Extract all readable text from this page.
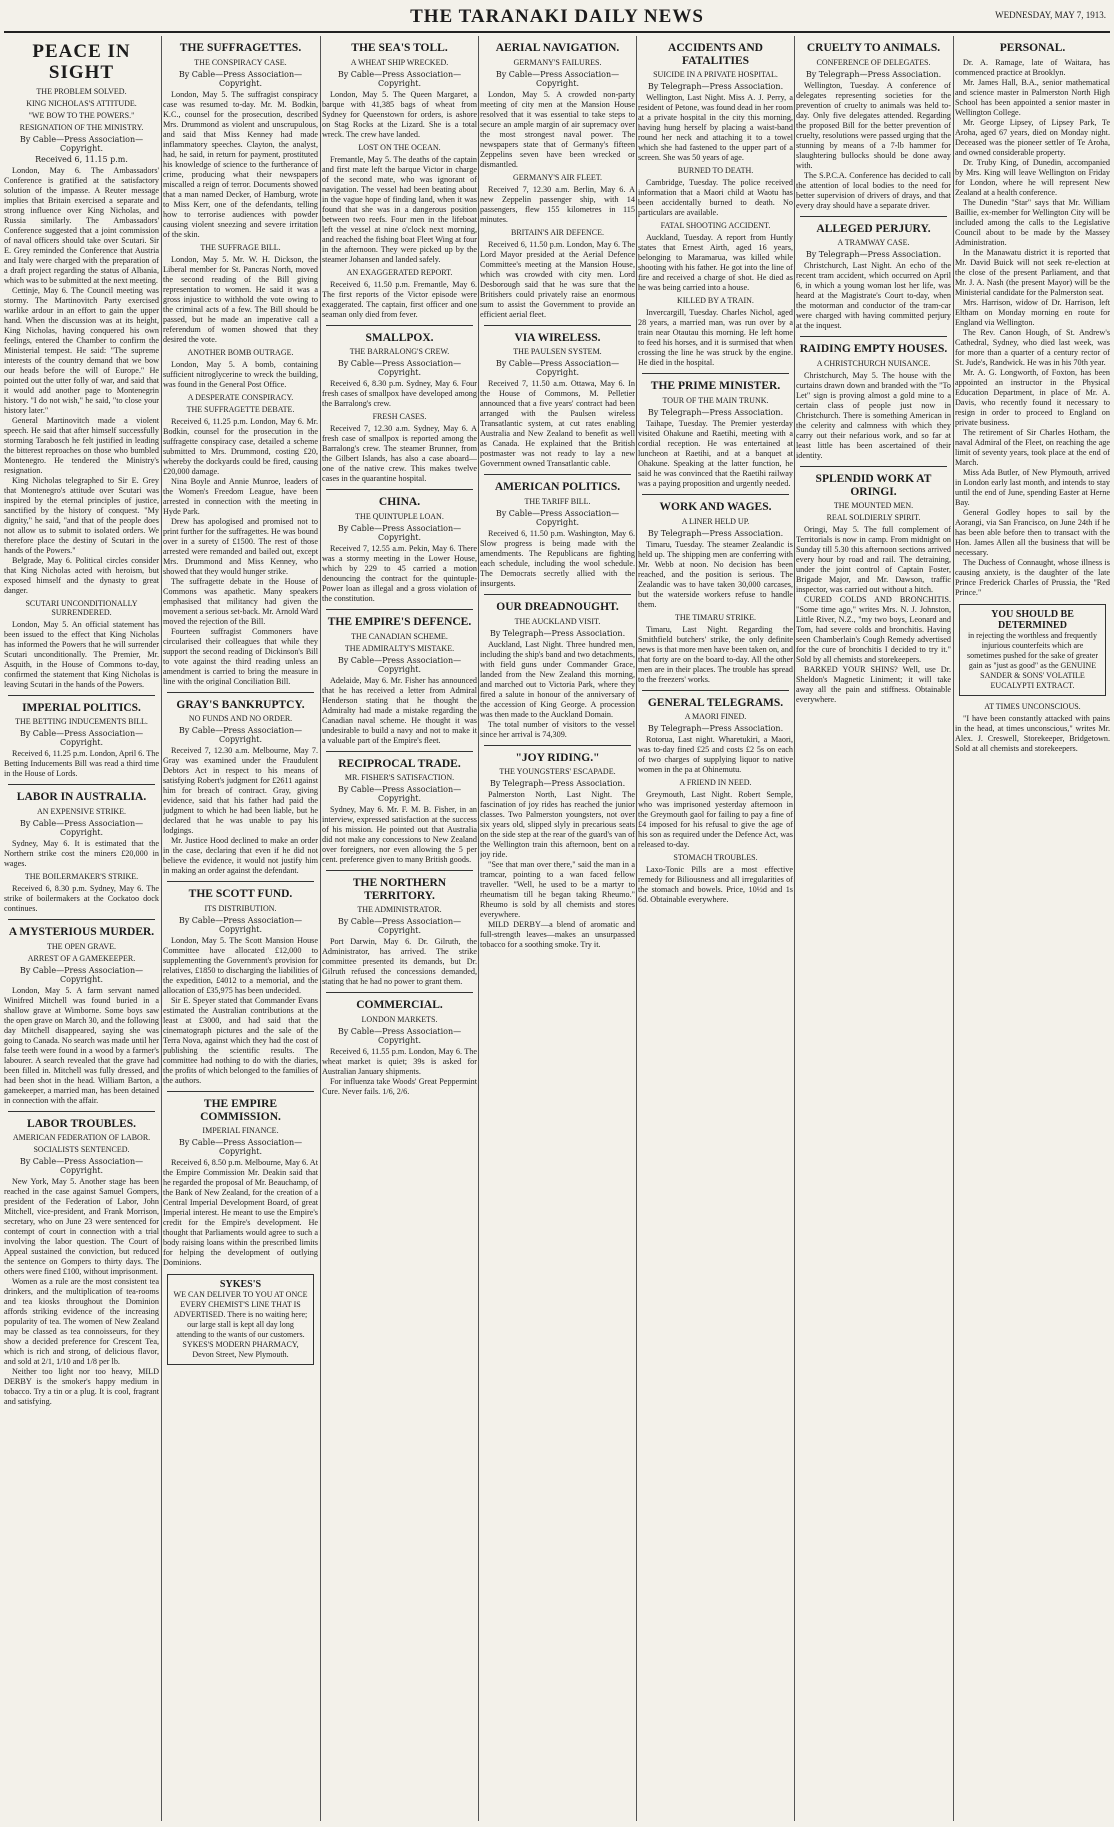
THE TARANAKI DAILY NEWS	WEDNESDAY, MAY 7, 1913.
PEACE IN SIGHT
THE PROBLEM SOLVED.
KING NICHOLAS'S ATTITUDE.
"WE BOW TO THE POWERS."
RESIGNATION OF THE MINISTRY.
By Cable—Press Association—Copyright.
Received 6, 11.15 p.m.

London, May 6. The Ambassadors' Conference is gratified at the satisfactory solution of the impasse. A Reuter message implies that Britain exercised a separate and strong influence over King Nicholas, and Russia similarly. The Ambassadors' Conference suggested that a joint commission of naval officers should take over Scutari. Sir E. Grey reminded the Conference that Austria and Italy were charged with the preparation of a draft project regarding the status of Albania, which was to be submitted at the next meeting.

Cettinje, May 6. The Council meeting was stormy. The Martinovitch Party exercised warlike ardour in an effort to gain the upper hand. When the discussion was at its height, King Nicholas, having conquered his own feelings, entered the Chamber to confirm the Ministerial tempest. He said: "The supreme interests of the country demand that we bow our heads before the will of Europe." He pointed out the utter folly of war, and said that it would add another page to Montenegrin history. "I do not wish," he said, "to close your history later."

General Martinovitch made a violent speech. He said that after himself successfully storming Tarabosch he felt justified in leading the bitterest reproaches on those who bumbled Montenegro. He tendered the Ministry's resignation.

King Nicholas telegraphed to Sir E. Grey that Montenegro's attitude over Scutari was inspired by the eternal principles of justice, sanctified by the history of conquest. "My dignity," he said, "and that of the people does not allow us to submit to isolated orders. We therefore place the destiny of Scutari in the hands of the Powers."

Belgrade, May 6. Political circles consider that King Nicholas acted with heroism, but exposed himself and the dynasty to great danger.

SCUTARI UNCONDITIONALLY SURRENDERED.

London, May 5. An official statement has been issued to the effect that King Nicholas has informed the Powers that he will surrender Scutari unconditionally. The Premier, Mr. Asquith, in the House of Commons to-day, confirmed the statement that King Nicholas is leaving Scutari in the hands of the Powers.

IMPERIAL POLITICS.
THE BETTING INDUCEMENTS BILL.
By Cable—Press Association—Copyright.

Received 6, 11.25 p.m. London, April 6. The Betting Inducements Bill was read a third time in the House of Lords.

LABOR IN AUSTRALIA.
AN EXPENSIVE STRIKE.
By Cable—Press Association—Copyright.

Sydney, May 6. It is estimated that the Northern strike cost the miners £20,000 in wages.

THE BOILERMAKER'S STRIKE.

Received 6, 8.30 p.m. Sydney, May 6. The strike of boilermakers at the Cockatoo dock continues.

A MYSTERIOUS MURDER.
THE OPEN GRAVE.
ARREST OF A GAMEKEEPER.
By Cable—Press Association—Copyright.

London, May 5. A farm servant named Winifred Mitchell was found buried in a shallow grave at Wimborne. Some boys saw the open grave on March 30, and the following day Mitchell disappeared, saying she was going to Canada. No search was made until her false teeth were found in a wood by a farmer's labourer. A search revealed that the grave had been filled in. Mitchell was fully dressed, and had been shot in the head. William Barton, a gamekeeper, a married man, has been detained in connection with the affair.

LABOR TROUBLES.
AMERICAN FEDERATION OF LABOR.
SOCIALISTS SENTENCED.
By Cable—Press Association—Copyright.

New York, May 5. Another stage has been reached in the case against Samuel Gompers, president of the Federation of Labor, John Mitchell, vice-president, and Frank Morrison, secretary, who on June 23 were sentenced for contempt of court in connection with a trial involving the labor question. The Court of Appeal sustained the conviction, but reduced the sentence on Gompers to thirty days. The others were fined £100, without imprisonment.

Women as a rule are the most consistent tea drinkers, and the multiplication of tea-rooms and tea kiosks throughout the Dominion affords striking evidence of the increasing popularity of tea. The women of New Zealand may be classed as tea connoisseurs, for they show a decided preference for Crescent Tea, which is rich and strong, of delicious flavor, and sold at 2/1, 1/10 and 1/8 per lb.

Neither too light nor too heavy, MILD DERBY is the smoker's happy medium in tobacco. Try a tin or a plug. It is cool, fragrant and satisfying.

THE SUFFRAGETTES.
THE CONSPIRACY CASE.
By Cable—Press Association—Copyright.

London, May 5. The suffragist conspiracy case was resumed to-day. Mr. M. Bodkin, K.C., counsel for the prosecution, described Mrs. Drummond as violent and unscrupulous, and said that Miss Kenney had made inflammatory speeches. Clayton, the analyst, had, he said, in return for payment, prostituted his knowledge of science to the furtherance of crime, producing what their newspapers miscalled a reign of terror. Documents showed that a man named Decker, of Hamburg, wrote to Miss Kerr, one of the defendants, telling how to terrorise audiences with powder causing violent sneezing and severe irritation of the skin.

THE SUFFRAGE BILL.

London, May 5. Mr. W. H. Dickson, the Liberal member for St. Pancras North, moved the second reading of the Bill giving representation to women. He said it was a gross injustice to withhold the vote owing to the criminal acts of a few. The Bill should be passed, but he made an imperative call a referendum of women showed that they desired the vote.

ANOTHER BOMB OUTRAGE.

London, May 5. A bomb, containing sufficient nitroglycerine to wreck the building, was found in the General Post Office.

A DESPERATE CONSPIRACY.
THE SUFFRAGETTE DEBATE.

Received 6, 11.25 p.m. London, May 6. Mr. Bodkin, counsel for the prosecution in the suffragette conspiracy case, detailed a scheme submitted to Mrs. Drummond, costing £20, whereby the dockyards could be fired, causing £20,000 damage.

Nina Boyle and Annie Munroe, leaders of the Women's Freedom League, have been arrested in connection with the meeting in Hyde Park.

Drew has apologised and promised not to print further for the suffragettes. He was bound over in a surety of £1500. The rest of those arrested were remanded and bailed out, except Mrs. Drummond and Miss Kenney, who showed that they would hunger strike.

The suffragette debate in the House of Commons was apathetic. Many speakers emphasised that militancy had given the movement a serious set-back. Mr. Arnold Ward moved the rejection of the Bill.

Fourteen suffragist Commoners have circularised their colleagues that while they support the second reading of Dickinson's Bill to vote against the third reading unless an amendment is carried to bring the measure in line with the original Conciliation Bill.

GRAY'S BANKRUPTCY.
NO FUNDS AND NO ORDER.
By Cable—Press Association—Copyright.

Received 7, 12.30 a.m. Melbourne, May 7. Gray was examined under the Fraudulent Debtors Act in respect to his means of satisfying Robert's judgment for £2611 against him for breach of contract. Gray, giving evidence, said that his father had paid the judgment to which he had been liable, but he declared that he was unable to pay his lodgings.

Mr. Justice Hood declined to make an order in the case, declaring that even if he did not believe the evidence, it would not justify him in making an order against the defendant.

THE SCOTT FUND.
ITS DISTRIBUTION.
By Cable—Press Association—Copyright.

London, May 5. The Scott Mansion House Committee have allocated £12,000 to supplementing the Government's provision for relatives, £1850 to discharging the liabilities of the expedition, £4012 to a memorial, and the allocation of £35,975 has been undecided.

Sir E. Speyer stated that Commander Evans estimated the Australian contributions at the least at £3000, and had said that the cinematograph pictures and the sale of the Terra Nova, against which they had the cost of publishing the scientific results. The committee had nothing to do with the diaries, the profits of which belonged to the families of the authors.

THE EMPIRE COMMISSION.
IMPERIAL FINANCE.
By Cable—Press Association—Copyright.

Received 6, 8.50 p.m. Melbourne, May 6. At the Empire Commission Mr. Deakin said that he regarded the proposal of Mr. Beauchamp, of the Bank of New Zealand, for the creation of a Central Imperial Development Board, of great Imperial interest. He meant to use the Empire's credit for the Empire's development. He thought that Parliaments would agree to such a body raising loans within the prescribed limits for helping the development of outlying Dominions.

SYKES'S
WE CAN DELIVER TO YOU AT ONCE EVERY CHEMIST'S LINE THAT IS ADVERTISED. There is no waiting here; our large stall is kept all day long attending to the wants of our customers. SYKES'S MODERN PHARMACY, Devon Street, New Plymouth.
THE SEA'S TOLL.
A WHEAT SHIP WRECKED.
By Cable—Press Association—Copyright.

London, May 5. The Queen Margaret, a barque with 41,385 bags of wheat from Sydney for Queenstown for orders, is ashore on Stag Rocks at the Lizard. She is a total wreck. The crew have landed.

LOST ON THE OCEAN.

Fremantle, May 5. The deaths of the captain and first mate left the barque Victor in charge of the second mate, who was ignorant of navigation. The vessel had been beating about in the vague hope of finding land, when it was found that she was in a dangerous position between two reefs. Four men in the lifeboat left the vessel at nine o'clock next morning, and reached the fishing boat Fleet Wing at four in the afternoon. They were picked up by the steamer Johansen and landed safely.

AN EXAGGERATED REPORT.

Received 6, 11.50 p.m. Fremantle, May 6. The first reports of the Victor episode were exaggerated. The captain, first officer and one seaman only died from fever.

SMALLPOX.
THE BARRALONG'S CREW.
By Cable—Press Association—Copyright.

Received 6, 8.30 p.m. Sydney, May 6. Four fresh cases of smallpox have developed among the Barralong's crew.

FRESH CASES.

Received 7, 12.30 a.m. Sydney, May 6. A fresh case of smallpox is reported among the Barralong's crew. The steamer Brunner, from the Gilbert Islands, has also a case aboard—one of the native crew. This makes twelve cases in the quarantine hospital.

CHINA.
THE QUINTUPLE LOAN.
By Cable—Press Association—Copyright.

Received 7, 12.55 a.m. Pekin, May 6. There was a stormy meeting in the Lower House, which by 229 to 45 carried a motion denouncing the contract for the quintuple-Power loan as illegal and a gross violation of the constitution.

THE EMPIRE'S DEFENCE.
THE CANADIAN SCHEME.
THE ADMIRALTY'S MISTAKE.
By Cable—Press Association—Copyright.

Adelaide, May 6. Mr. Fisher has announced that he has received a letter from Admiral Henderson stating that he thought the Admiralty had made a mistake regarding the Canadian naval scheme. He thought it was undesirable to build a navy and not to make it a valuable part of the Empire's fleet.

RECIPROCAL TRADE.
MR. FISHER'S SATISFACTION.
By Cable—Press Association—Copyright.

Sydney, May 6. Mr. F. M. B. Fisher, in an interview, expressed satisfaction at the success of his mission. He pointed out that Australia did not make any concessions to New Zealand over foreigners, nor even allowing the 5 per cent. preference given to many British goods.

THE NORTHERN TERRITORY.
THE ADMINISTRATOR.
By Cable—Press Association—Copyright.

Port Darwin, May 6. Dr. Gilruth, the Administrator, has arrived. The strike committee presented its demands, but Dr. Gilruth refused the concessions demanded, stating that he had no power to grant them.

COMMERCIAL.
LONDON MARKETS.
By Cable—Press Association—Copyright.

Received 6, 11.55 p.m. London, May 6. The wheat market is quiet; 39s is asked for Australian January shipments.

For influenza take Woods' Great Peppermint Cure. Never fails. 1/6, 2/6.

AERIAL NAVIGATION.
GERMANY'S FAILURES.
By Cable—Press Association—Copyright.

London, May 5. A crowded non-party meeting of city men at the Mansion House resolved that it was essential to take steps to secure an ample margin of air supremacy over the most strongest naval power. The newspapers state that of Germany's fifteen Zeppelins seven have been wrecked or dismantled.

GERMANY'S AIR FLEET.

Received 7, 12.30 a.m. Berlin, May 6. A new Zeppelin passenger ship, with 14 passengers, flew 155 kilometres in 115 minutes.

BRITAIN'S AIR DEFENCE.

Received 6, 11.50 p.m. London, May 6. The Lord Mayor presided at the Aerial Defence Committee's meeting at the Mansion House, which was crowded with city men. Lord Desborough said that he was sure that the Britishers could privately raise an enormous sum to assist the Government to provide an efficient aerial fleet.

VIA WIRELESS.
THE PAULSEN SYSTEM.
By Cable—Press Association—Copyright.

Received 7, 11.50 a.m. Ottawa, May 6. In the House of Commons, M. Pelletier announced that a five years' contract had been arranged with the Paulsen wireless Transatlantic system, at cut rates enabling Australia and New Zealand to benefit as well as Canada. He explained that the British postmaster was not ready to lay a new Government owned Transatlantic cable.

AMERICAN POLITICS.
THE TARIFF BILL.
By Cable—Press Association—Copyright.

Received 6, 11.50 p.m. Washington, May 6. Slow progress is being made with the amendments. The Republicans are fighting each schedule, including the wool schedule. The Democrats secretly allied with the insurgents.

OUR DREADNOUGHT.
THE AUCKLAND VISIT.
By Telegraph—Press Association.

Auckland, Last Night. Three hundred men, including the ship's band and two detachments, with field guns under Commander Grace, landed from the New Zealand this morning, and marched out to Victoria Park, where they fired a salute in honour of the anniversary of the accession of King George. A procession was then made to the Auckland Domain.

The total number of visitors to the vessel since her arrival is 74,309.

"JOY RIDING."
THE YOUNGSTERS' ESCAPADE.
By Telegraph—Press Association.

Palmerston North, Last Night. The fascination of joy rides has reached the junior classes. Two Palmerston youngsters, not over six years old, slipped slyly in precarious seats on the side step at the rear of the guard's van of the Wellington train this afternoon, bent on a joy ride.

"See that man over there," said the man in a tramcar, pointing to a wan faced fellow traveller. "Well, he used to be a martyr to rheumatism till he began taking Rheumo." Rheumo is sold by all chemists and stores everywhere.

MILD DERBY—a blend of aromatic and full-strength leaves—makes an unsurpassed tobacco for a soothing smoke. Try it.

ACCIDENTS AND FATALITIES
SUICIDE IN A PRIVATE HOSPITAL.
By Telegraph—Press Association.

Wellington, Last Night. Miss A. J. Perry, a resident of Petone, was found dead in her room at a private hospital in the city this morning, having hung herself by placing a waist-band round her neck and attaching it to a towel which she had fastened to the upper part of a screen. She was 50 years of age.

BURNED TO DEATH.

Cambridge, Tuesday. The police received information that a Maori child at Waotu has been accidentally burned to death. No particulars are available.

FATAL SHOOTING ACCIDENT.

Auckland, Tuesday. A report from Huntly states that Ernest Airth, aged 16 years, belonging to Maramarua, was killed while shooting with his father. He got into the line of fire and received a charge of shot. He died as he was being carried into a house.

KILLED BY A TRAIN.

Invercargill, Tuesday. Charles Nichol, aged 28 years, a married man, was run over by a train near Otautau this morning. He left home to feed his horses, and it is surmised that when crossing the line he was struck by the engine. He died in the hospital.

THE PRIME MINISTER.
TOUR OF THE MAIN TRUNK.
By Telegraph—Press Association.

Taihape, Tuesday. The Premier yesterday visited Ohakune and Raetihi, meeting with a cordial reception. He was entertained at luncheon at Raetihi, and at a banquet at Ohakune. Speaking at the latter function, he said he was convinced that the Raetihi railway was a paying proposition and urgently needed.

WORK AND WAGES.
A LINER HELD UP.
By Telegraph—Press Association.

Timaru, Tuesday. The steamer Zealandic is held up. The shipping men are conferring with Mr. Webb at noon. No decision has been reached, and the position is serious. The Zealandic was to have taken 30,000 carcases, but the waterside workers refuse to handle them.

THE TIMARU STRIKE.

Timaru, Last Night. Regarding the Smithfield butchers' strike, the only definite news is that more men have been taken on, and that forty are on the board to-day. All the other men are in their places. The trouble has spread to the freezers' works.

GENERAL TELEGRAMS.
A MAORI FINED.
By Telegraph—Press Association.

Rotorua, Last night. Wharetukiri, a Maori, was to-day fined £25 and costs £2 5s on each of two charges of supplying liquor to native women in the pa at Ohinemutu.

A FRIEND IN NEED.

Greymouth, Last Night. Robert Semple, who was imprisoned yesterday afternoon in the Greymouth gaol for failing to pay a fine of £4 imposed for his refusal to give the age of his son as required under the Defence Act, was released to-day.

STOMACH TROUBLES.

Laxo-Tonic Pills are a most effective remedy for Biliousness and all irregularities of the stomach and bowels. Price, 10½d and 1s 6d. Obtainable everywhere.

CRUELTY TO ANIMALS.
CONFERENCE OF DELEGATES.
By Telegraph—Press Association.

Wellington, Tuesday. A conference of delegates representing societies for the prevention of cruelty to animals was held to-day. Only five delegates attended. Regarding the proposed Bill for the better prevention of cruelty, resolutions were passed urging that the stunning by means of a 7-lb hammer for slaughtering bullocks should be done away with.

The S.P.C.A. Conference has decided to call the attention of local bodies to the need for better supervision of drivers of drays, and that every dray should have a separate driver.

ALLEGED PERJURY.
A TRAMWAY CASE.
By Telegraph—Press Association.

Christchurch, Last Night. An echo of the recent tram accident, which occurred on April 6, in which a young woman lost her life, was heard at the Magistrate's Court to-day, when the motorman and conductor of the tram-car were charged with having committed perjury at the inquest.

RAIDING EMPTY HOUSES.
A CHRISTCHURCH NUISANCE.

Christchurch, May 5. The house with the curtains drawn down and branded with the "To Let" sign is proving almost a gold mine to a certain class of people just now in Christchurch. There is something American in the celerity and calmness with which they carry out their nefarious work, and so far at least little has been ascertained of their identity.

SPLENDID WORK AT ORINGI.
THE MOUNTED MEN.
REAL SOLDIERLY SPIRIT.

Oringi, May 5. The full complement of Territorials is now in camp. From midnight on Sunday till 5.30 this afternoon sections arrived every hour by road and rail. The detraining, under the joint control of Captain Foster, Brigade Major, and Mr. Dawson, traffic inspector, was carried out without a hitch.

CURED COLDS AND BRONCHITIS. "Some time ago," writes Mrs. N. J. Johnston, Little River, N.Z., "my two boys, Leonard and Tom, had severe colds and bronchitis. Having seen Chamberlain's Cough Remedy advertised for the cure of bronchitis I decided to try it." Sold by all chemists and storekeepers.

BARKED YOUR SHINS? Well, use Dr. Sheldon's Magnetic Liniment; it will take away all the pain and stiffness. Obtainable everywhere.

PERSONAL.

Dr. A. Ramage, late of Waitara, has commenced practice at Brooklyn.

Mr. James Hall, B.A., senior mathematical and science master in Palmerston North High School has been appointed a senior master in Wellington College.

Mr. George Lipsey, of Lipsey Park, Te Aroha, aged 67 years, died on Monday night. Deceased was the pioneer settler of Te Aroha, and owned considerable property.

Dr. Truby King, of Dunedin, accompanied by Mrs. King will leave Wellington on Friday for London, where he will represent New Zealand at a health conference.

The Dunedin "Star" says that Mr. William Baillie, ex-member for Wellington City will be included among the calls to the Legislative Council about to be made by the Massey Administration.

In the Manawatu district it is reported that Mr. David Buick will not seek re-election at the close of the present Parliament, and that Mr. J. A. Nash (the present Mayor) will be the Ministerial candidate for the Palmerston seat.

Mrs. Harrison, widow of Dr. Harrison, left Eltham on Monday morning en route for England via Wellington.

The Rev. Canon Hough, of St. Andrew's Cathedral, Sydney, who died last week, was for more than a quarter of a century rector of St. Jude's, Randwick. He was in his 70th year.

Mr. A. G. Longworth, of Foxton, has been appointed an instructor in the Physical Education Department, in place of Mr. A. Davis, who recently found it necessary to resign in order to proceed to England on private business.

The retirement of Sir Charles Hotham, the naval Admiral of the Fleet, on reaching the age limit of seventy years, took place at the end of March.

Miss Ada Butler, of New Plymouth, arrived in London early last month, and intends to stay until the end of June, spending Easter at Herne Bay.

General Godley hopes to sail by the Aorangi, via San Francisco, on June 24th if he has been able before then to transact with the Hon. James Allen all the business that will be necessary.

The Duchess of Connaught, whose illness is causing anxiety, is the daughter of the late Prince Frederick Charles of Prussia, the "Red Prince."

YOU SHOULD BE DETERMINED
in rejecting the worthless and frequently injurious counterfeits which are sometimes pushed for the sake of greater gain as "just as good" as the GENUINE SANDER & SONS' VOLATILE EUCALYPTI EXTRACT.
AT TIMES UNCONSCIOUS.

"I have been constantly attacked with pains in the head, at times unconscious," writes Mr. Alex. J. Creswell, Storekeeper, Bridgetown. Sold at all chemists and storekeepers.
